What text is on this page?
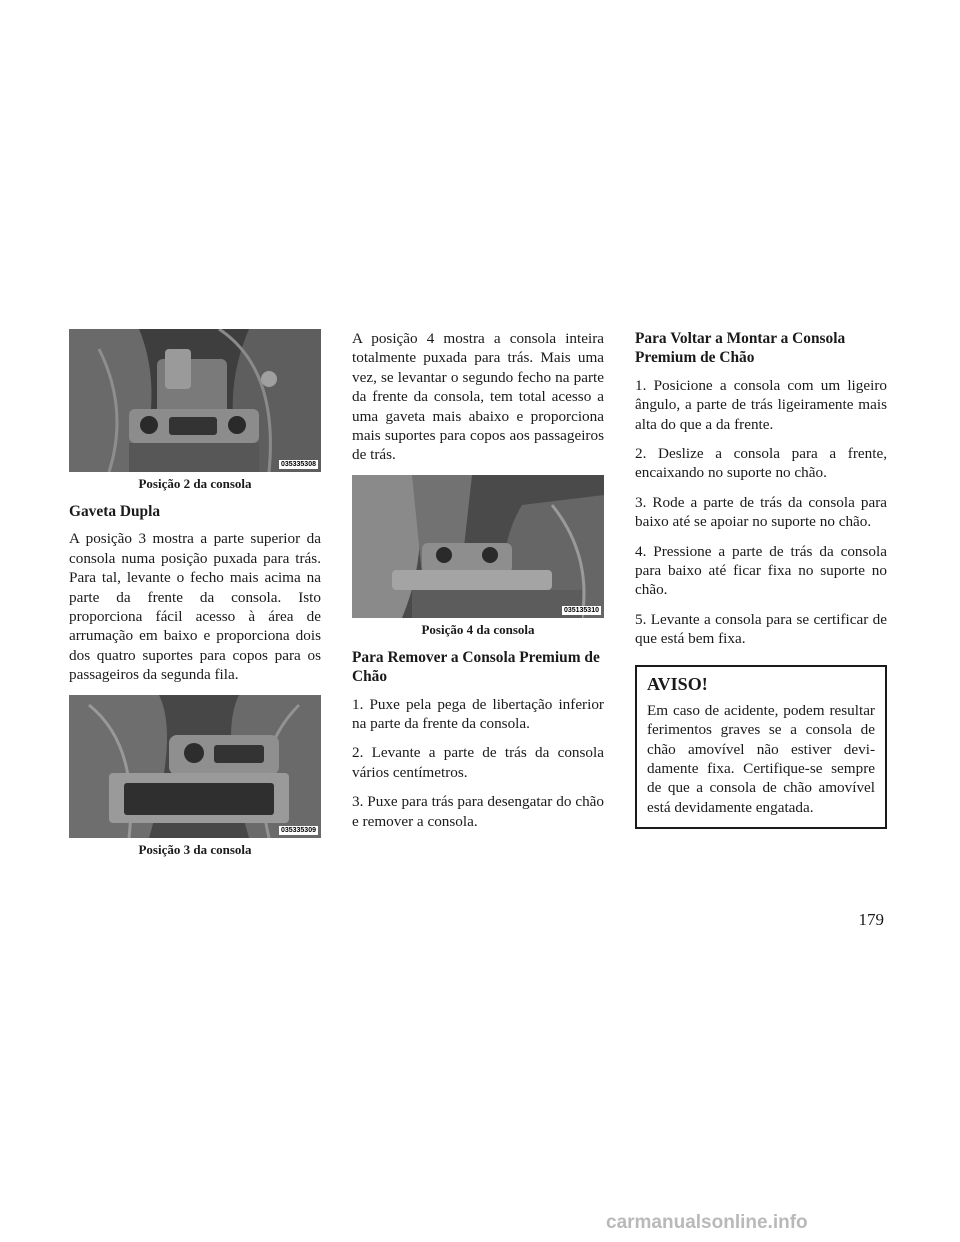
035335308
Posição 2 da consola
Gaveta Dupla

A posição 3 mostra a parte superior da consola numa posição puxada para trás. Para tal, levante o fecho mais acima na parte da frente da consola. Isto proporciona fácil acesso à área de arrumação em baixo e proporciona dois dos quatro suportes para copos para os passageiros da segunda fila.

035335309
Posição 3 da consola

A posição 4 mostra a consola inteira totalmente puxada para trás. Mais uma vez, se levantar o segundo fecho na parte da frente da consola, tem total acesso a uma gaveta mais abaixo e proporciona mais suportes para copos aos passageiros de trás.

035135310
Posição 4 da consola
Para Remover a Consola Premium de Chão

1. Puxe pela pega de libertação inferior na parte da frente da consola.

2. Levante a parte de trás da consola vários centímetros.

3. Puxe para trás para desengatar do chão e remover a consola.

Para Voltar a Montar a Consola Premium de Chão

1. Posicione a consola com um ligeiro ângulo, a parte de trás ligeiramente mais alta do que a da frente.

2. Deslize a consola para a frente, encaixando no suporte no chão.

3. Rode a parte de trás da consola para baixo até se apoiar no suporte no chão.

4. Pressione a parte de trás da consola para baixo até ficar fixa no suporte no chão.

5. Levante a consola para se certificar de que está bem fixa.

AVISO!

Em caso de acidente, podem resultar ferimentos graves se a consola de chão amovível não estiver devidamente fixa. Certifique-se sempre de que a consola de chão amovível está devidamente engatada.

179
carmanualsonline.info
